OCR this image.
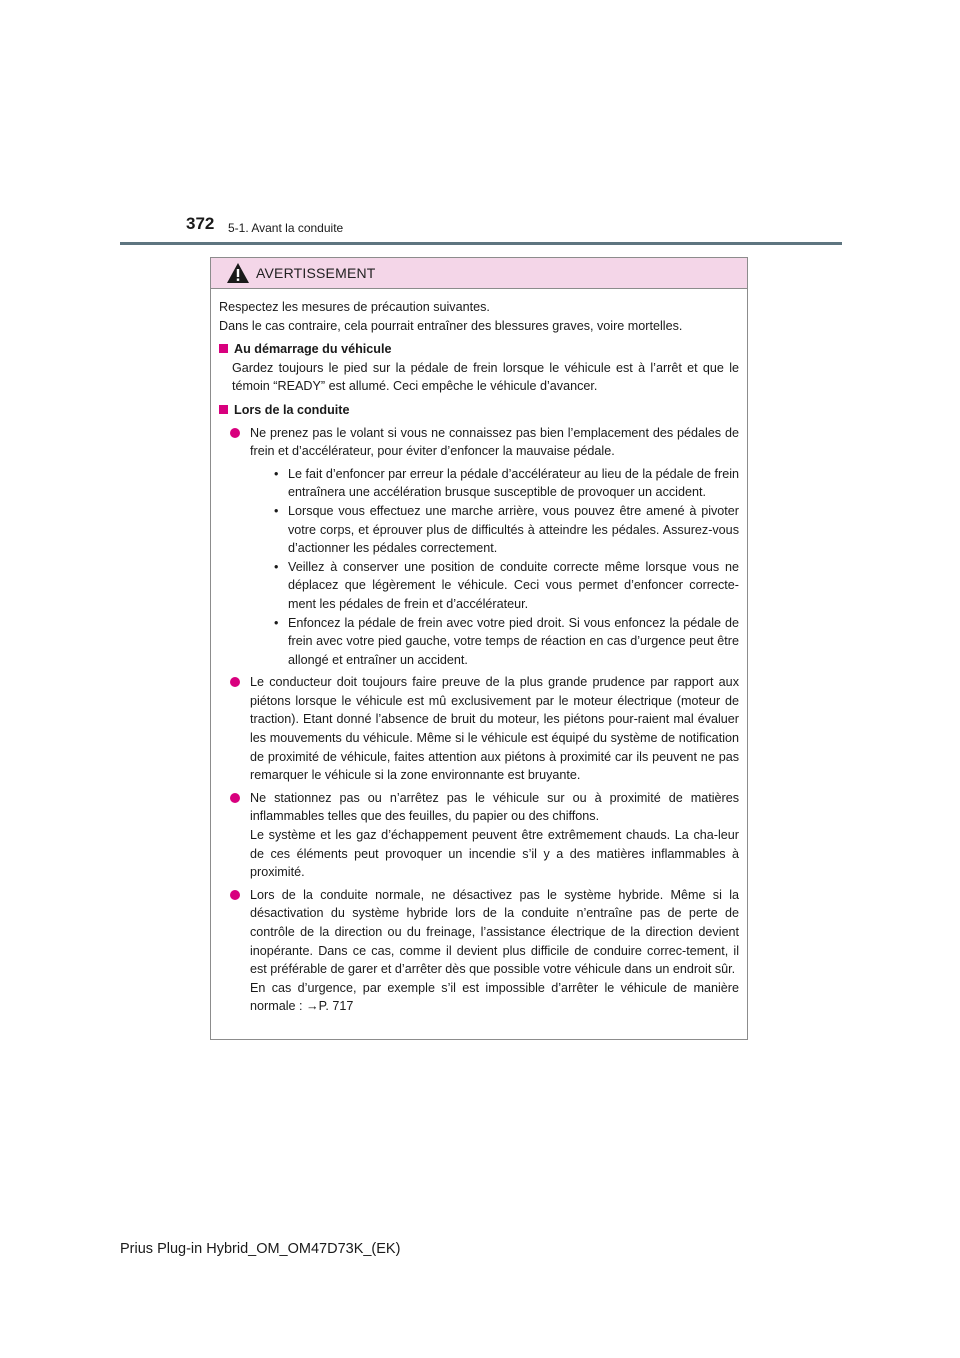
372 5-1. Avant la conduite
AVERTISSEMENT

Respectez les mesures de précaution suivantes.

Dans le cas contraire, cela pourrait entraîner des blessures graves, voire mortelles.

Au démarrage du véhicule
Gardez toujours le pied sur la pédale de frein lorsque le véhicule est à l’arrêt et que le témoin “READY” est allumé. Ceci empêche le véhicule d’avancer.
Lors de la conduite

Ne prenez pas le volant si vous ne connaissez pas bien l’emplacement des pédales de frein et d’accélérateur, pour éviter d’enfoncer la mauvaise pédale.

• Le fait d’enfoncer par erreur la pédale d’accélérateur au lieu de la pédale de frein entraînera une accélération brusque susceptible de provoquer un accident.
• Lorsque vous effectuez une marche arrière, vous pouvez être amené à pivoter votre corps, et éprouver plus de difficultés à atteindre les pédales. Assurez-vous d’actionner les pédales correctement.
• Veillez à conserver une position de conduite correcte même lorsque vous ne déplacez que légèrement le véhicule. Ceci vous permet d’enfoncer correcte-ment les pédales de frein et d’accélérateur.
• Enfoncez la pédale de frein avec votre pied droit. Si vous enfoncez la pédale de frein avec votre pied gauche, votre temps de réaction en cas d’urgence peut être allongé et entraîner un accident.

Le conducteur doit toujours faire preuve de la plus grande prudence par rapport aux piétons lorsque le véhicule est mû exclusivement par le moteur électrique (moteur de traction). Etant donné l’absence de bruit du moteur, les piétons pour-raient mal évaluer les mouvements du véhicule. Même si le véhicule est équipé du système de notification de proximité de véhicule, faites attention aux piétons à proximité car ils peuvent ne pas remarquer le véhicule si la zone environnante est bruyante.

Ne stationnez pas ou n’arrêtez pas le véhicule sur ou à proximité de matières inflammables telles que des feuilles, du papier ou des chiffons.

Le système et les gaz d’échappement peuvent être extrêmement chauds. La cha-leur de ces éléments peut provoquer un incendie s’il y a des matières inflammables à proximité.

Lors de la conduite normale, ne désactivez pas le système hybride. Même si la désactivation du système hybride lors de la conduite n’entraîne pas de perte de contrôle de la direction ou du freinage, l’assistance électrique de la direction devient inopérante. Dans ce cas, comme il devient plus difficile de conduire correc-tement, il est préférable de garer et d’arrêter dès que possible votre véhicule dans un endroit sûr.

En cas d’urgence, par exemple s’il est impossible d’arrêter le véhicule de manière normale : →P. 717

Prius Plug-in Hybrid_OM_OM47D73K_(EK)
